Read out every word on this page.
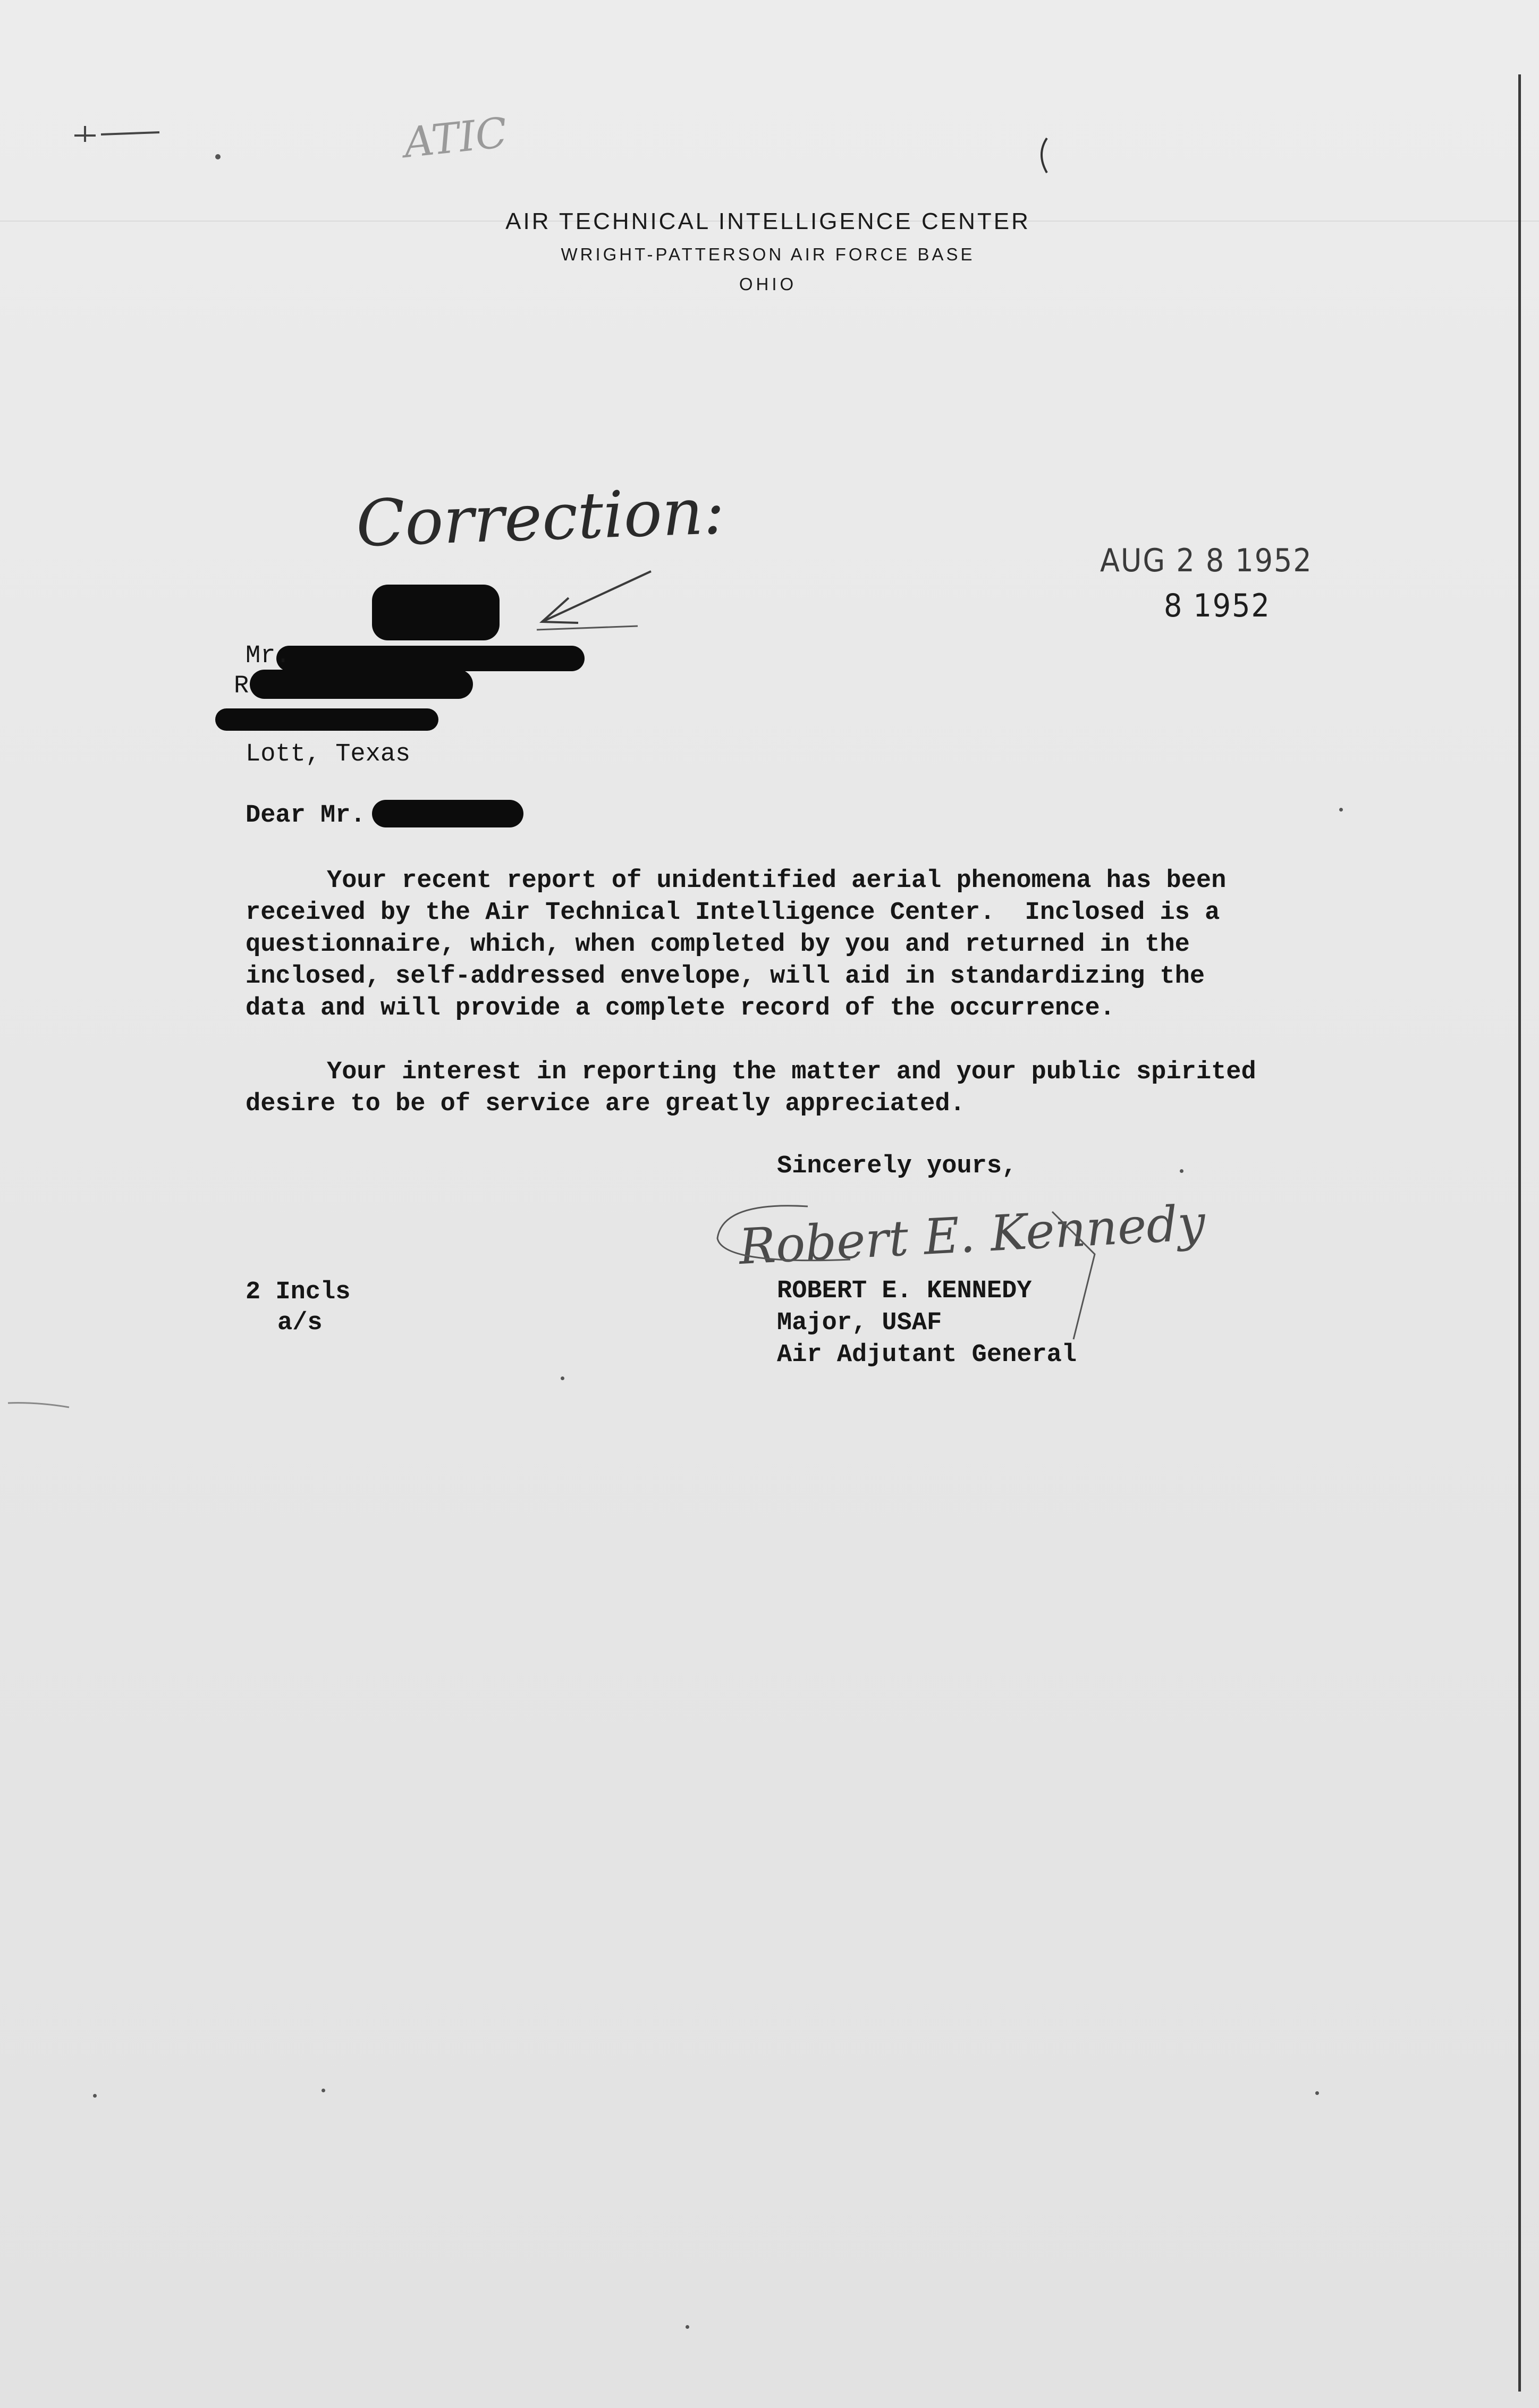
ATIC
AIR TECHNICAL INTELLIGENCE CENTER
WRIGHT-PATTERSON AIR FORCE BASE
OHIO
Correction:	AUG 2 8 1952
8 1952
Mr.
R
Lott, Texas
Dear Mr.
Your recent report of unidentified aerial phenomena has been
received by the Air Technical Intelligence Center.  Inclosed is a
questionnaire, which, when completed by you and returned in the
inclosed, self-addressed envelope, will aid in standardizing the
data and will provide a complete record of the occurrence.
Your interest in reporting the matter and your public spirited
desire to be of service are greatly appreciated.
Sincerely yours,
Robert E. Kennedy
ROBERT E. KENNEDY
Major, USAF
Air Adjutant General
2 Incls
a/s
